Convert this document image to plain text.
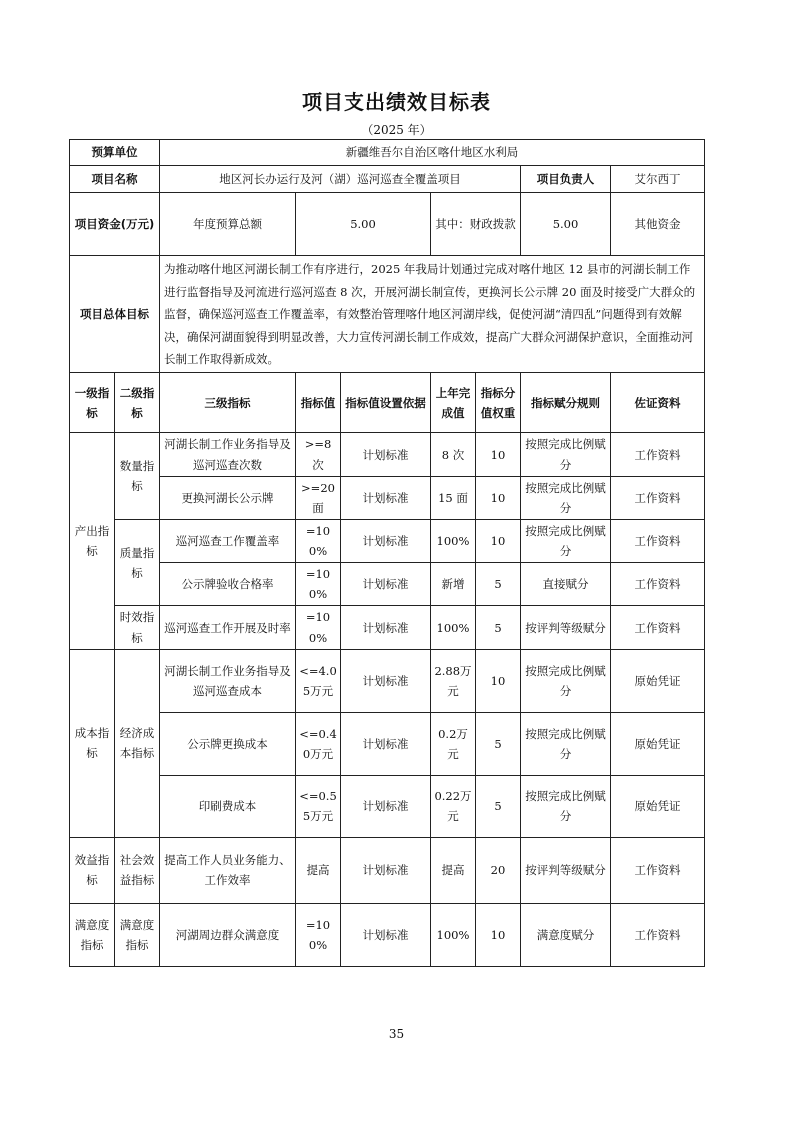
项目支出绩效目标表
（2025 年）
预算单位		新疆维吾尔自治区喀什地区水利局							
项目名称		地区河长办运行及河（湖）巡河巡查全覆盖项目					项目负责人	艾尔西丁	
项目资金(万元)		年度预算总额	5.00		其中：财政拨款		5.00	其他资金	
项目总体目标		为推动喀什地区河湖长制工作有序进行，2025 年我局计划通过完成对喀什地区 12 县市的河湖长制工作进行监督指导及河流进行巡河巡查 8 次，开展河湖长制宣传，更换河长公示牌 20 面及时接受广大群众的监督，确保巡河巡查工作覆盖率，有效整治管理喀什地区河湖岸线，促使河湖“清四乱”问题得到有效解决，确保河湖面貌得到明显改善，大力宣传河湖长制工作成效，提高广大群众河湖保护意识，全面推动河长制工作取得新成效。							
一级指标	二级指标	三级指标	指标值	指标值设置依据	上年完成值	指标分值权重	指标赋分规则	佐证资料	
产出指标	数量指标	河湖长制工作业务指导及巡河巡查次数	>=8次	计划标准	8 次	10	按照完成比例赋分	工作资料	
		更换河湖长公示牌	>=20面	计划标准	15 面	10	按照完成比例赋分	工作资料	
	质量指标	巡河巡查工作覆盖率	=100%	计划标准	100%	10	按照完成比例赋分	工作资料	
		公示牌验收合格率	=100%	计划标准	新增	5	直接赋分	工作资料	
	时效指标	巡河巡查工作开展及时率	=100%	计划标准	100%	5	按评判等级赋分	工作资料	
成本指标	经济成本指标	河湖长制工作业务指导及巡河巡查成本	<=4.05万元	计划标准	2.88万元	10	按照完成比例赋分	原始凭证	
		公示牌更换成本	<=0.40万元	计划标准	0.2万元	5	按照完成比例赋分	原始凭证	
		印刷费成本	<=0.55万元	计划标准	0.22万元	5	按照完成比例赋分	原始凭证	
效益指标	社会效益指标	提高工作人员业务能力、工作效率	提高	计划标准	提高	20	按评判等级赋分	工作资料	
满意度指标	满意度指标	河湖周边群众满意度	=100%	计划标准	100%	10	满意度赋分	工作资料	
35
